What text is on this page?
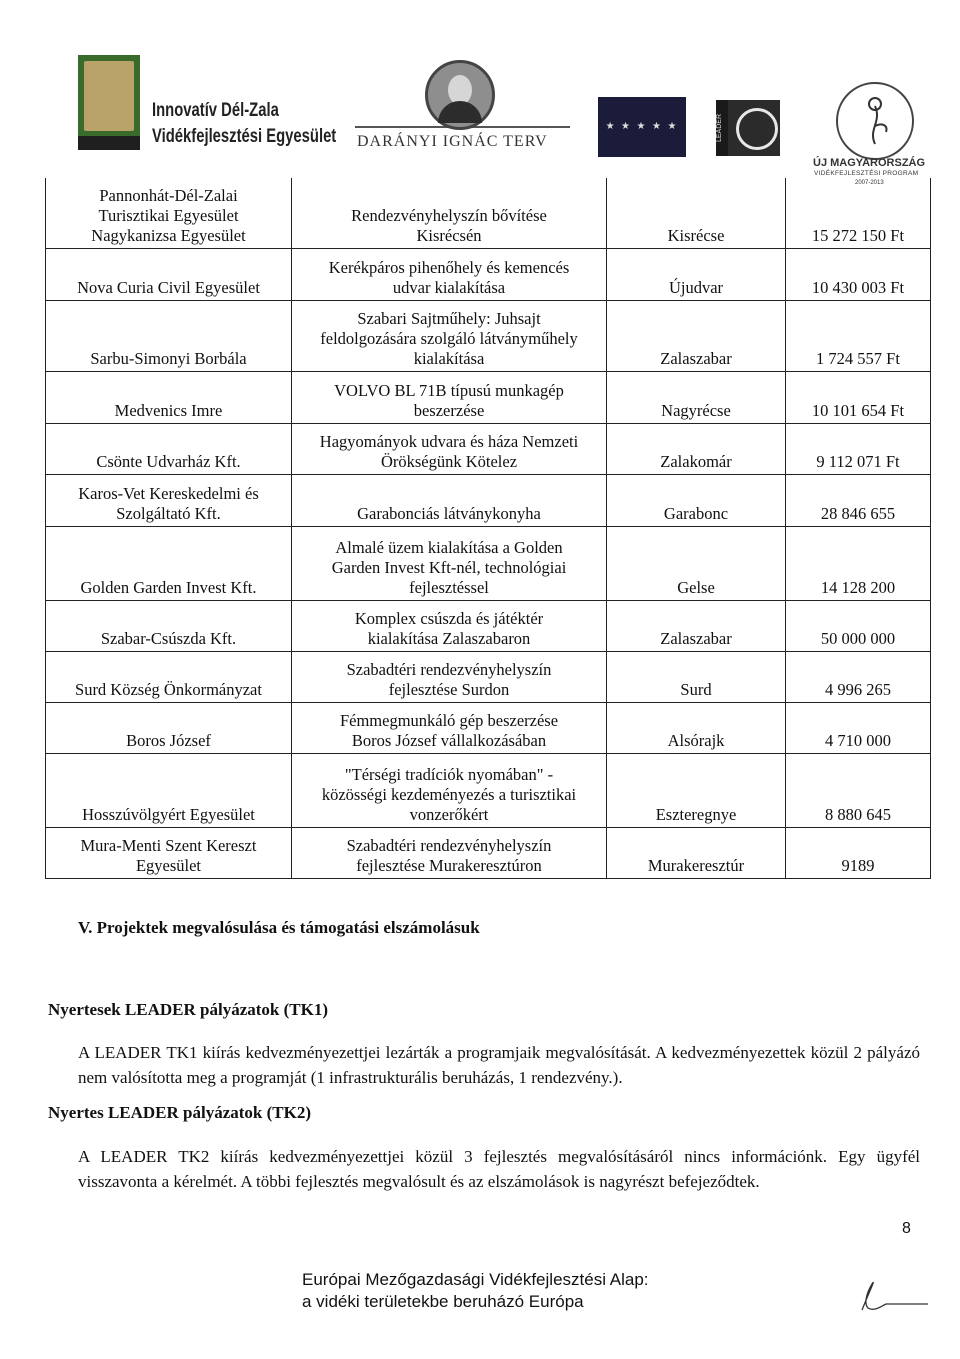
Innovatív Dél-Zala
Vidékfejlesztési Egyesület DARÁNYI IGNÁC TERV
★ ★ ★ ★ ★	LEADER
ÚJ MAGYARORSZÁG
VIDÉKFEJLESZTÉSI PROGRAM
2007-2013
Pannonhát-Dél-Zalai
Turisztikai Egyesület
Nagykanizsa Egyesület	Rendezvényhelyszín bővítése
Kisrécsén	Kisrécse	15 272 150 Ft

Nova Curia Civil Egyesület	Kerékpáros pihenőhely és kemencés
udvar kialakítása	Újudvar	10 430 003 Ft

Sarbu-Simonyi Borbála	Szabari Sajtműhely: Juhsajt
feldolgozására szolgáló látványműhely
kialakítása	Zalaszabar	1 724 557 Ft

Medvenics Imre	VOLVO BL 71B típusú munkagép
beszerzése	Nagyrécse	10 101 654 Ft

Csönte Udvarház Kft.	Hagyományok udvara és háza Nemzeti
Örökségünk Kötelez	Zalakomár	9 112 071 Ft

Karos-Vet Kereskedelmi és
Szolgáltató Kft.	Garabonciás látványkonyha	Garabonc	28 846 655

Golden Garden Invest Kft.	Almalé üzem kialakítása a Golden
Garden Invest Kft-nél, technológiai
fejlesztéssel	Gelse	14 128 200

Szabar-Csúszda Kft.	Komplex csúszda és játéktér
kialakítása Zalaszabaron	Zalaszabar	50 000 000

Surd Község Önkormányzat	Szabadtéri rendezvényhelyszín
fejlesztése Surdon	Surd	4 996 265

Boros József	Fémmegmunkáló gép beszerzése
Boros József vállalkozásában	Alsórajk	4 710 000

Hosszúvölgyért Egyesület	"Térségi tradíciók nyomában" -
közösségi kezdeményezés a turisztikai
vonzerőkért	Eszteregnye	8 880 645

Mura-Menti Szent Kereszt
Egyesület	Szabadtéri rendezvényhelyszín
fejlesztése Murakeresztúron	Murakeresztúr	9189
V. Projektek megvalósulása és támogatási elszámolásuk
Nyertesek LEADER pályázatok (TK1)
A LEADER TK1 kiírás kedvezményezettjei lezárták a programjaik megvalósítását. A kedvezményezettek közül 2 pályázó nem valósította meg a programját (1 infrastrukturális beruházás, 1 rendezvény.).
Nyertes LEADER pályázatok (TK2)
A LEADER TK2 kiírás kedvezményezettjei közül 3 fejlesztés megvalósításáról nincs információnk. Egy ügyfél visszavonta a kérelmét. A többi fejlesztés megvalósult és az elszámolások is nagyrészt befejeződtek.
8
Európai Mezőgazdasági Vidékfejlesztési Alap:
a vidéki területekbe beruházó Európa
